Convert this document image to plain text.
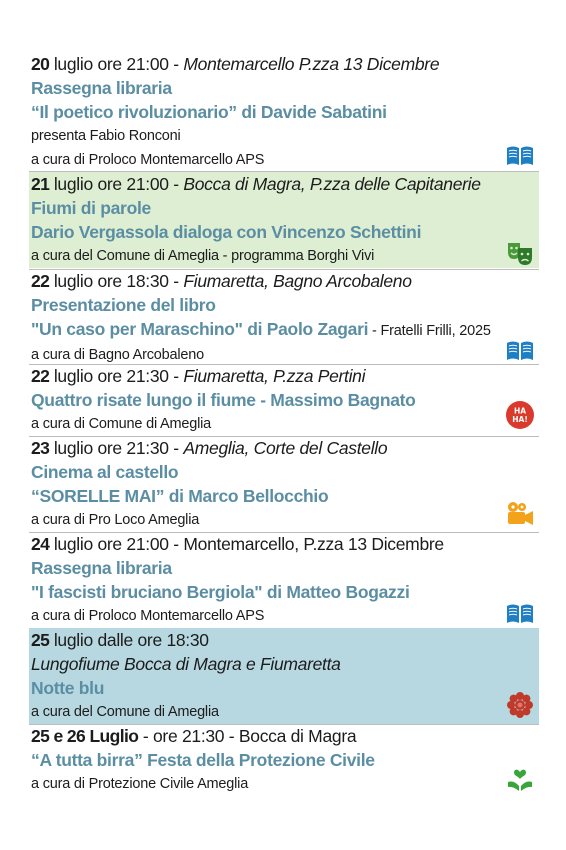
20 luglio ore 21:00 - Montemarcello P.zza 13 Dicembre
Rassegna libraria
“Il poetico rivoluzionario” di Davide Sabatini
presenta Fabio Ronconi
a cura di Proloco Montemarcello APS
21 luglio ore 21:00 - Bocca di Magra, P.zza delle Capitanerie
Fiumi di parole
Dario Vergassola dialoga con Vincenzo Schettini
a cura del Comune di Ameglia - programma Borghi Vivi
22 luglio ore 18:30 - Fiumaretta, Bagno Arcobaleno
Presentazione del libro
"Un caso per Maraschino" di Paolo Zagari - Fratelli Frilli, 2025
a cura di Bagno Arcobaleno
22 luglio ore 21:30 - Fiumaretta, P.zza Pertini
Quattro risate lungo il fiume - Massimo Bagnato
a cura di Comune di Ameglia
HA
HA!
23 luglio ore 21:30 - Ameglia, Corte del Castello
Cinema al castello
“SORELLE MAI” di Marco Bellocchio
a cura di Pro Loco Ameglia
24 luglio ore 21:00 - Montemarcello, P.zza 13 Dicembre
Rassegna libraria
"I fascisti bruciano Bergiola" di Matteo Bogazzi
a cura di Proloco Montemarcello APS
25 luglio dalle ore 18:30
Lungofiume Bocca di Magra e Fiumaretta
Notte blu
a cura del Comune di Ameglia
25 e 26 Luglio - ore 21:30 - Bocca di Magra
“A tutta birra” Festa della Protezione Civile
a cura di Protezione Civile Ameglia
